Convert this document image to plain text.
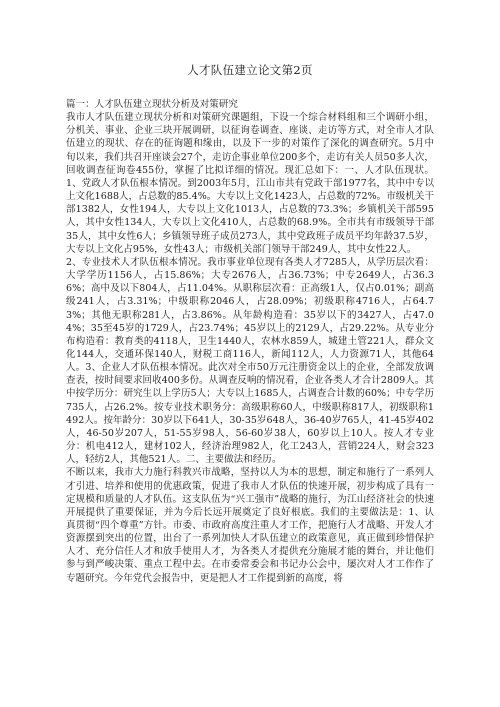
人才队伍建立论文第2页

篇一：人才队伍建立现状分析及对策研究

我市人才队伍建立现状分析和对策研究课题组，下设一个综合材料组和三个调研小组，分机关、事业、企业三块开展调研，以征询卷调查、座谈、走访等方式，对全市人才队伍建立的现状、存在的征询题和缘由，以及下一步的对策作了深化的调查研究。5月中旬以来，我们共召开座谈会27个，走访企事业单位200多个，走访有关人员50多人次，回收调查征询卷455份，掌握了比拟详细的情况。现汇总如下：一、人才队伍现状。1、党政人才队伍根本情况。到2003年5月，江山市共有党政干部1977名，其中中专以上文化1688人，占总数的85.4%。大专以上文化1423人，占总数的72%。市级机关干部1382人，女性194人，大专以上文化1013人，占总数的73.3%；乡镇机关干部595人，其中女性134人，大专以上文化410人，占总数的68.9%。全市共有市级领导干部35人，其中女性6人；乡镇领导班子成员273人，其中党政班子成员平均年龄37.5岁，大专以上文化占95%，女性43人；市级机关部门领导干部249人，其中女性22人。

2、专业技术人才队伍根本情况。我市事业单位现有各类人才7285人，从学历层次看：大学学历1156人，占15.86%；大专2676人，占36.73%；中专2649人，占36.36%；高中及以下804人，占11.04%。从职称层次看：正高级1人，仅占0.01%；副高级241人，占3.31%；中级职称2046人，占28.09%；初级职称4716人，占64.73%；其他无职称281人，占3.86%。从年龄构造看：35岁以下的3427人，占47.04%；35至45岁的1729人，占23.74%；45岁以上的2129人，占29.22%。从专业分布构造看：教育类的4118人，卫生1440人，农林水859人，城建土管221人，群众文化144人，交通环保140人，财税工商116人，新闻112人，人力资源71人，其他64人。3、企业人才队伍根本情况。此次对全市50万元注册资金以上的企业，全部发放调查表，按时间要求回收400多份。从调查反响的情况看，企业各类人才合计2809人。其中按学历分：研究生以上学历5人；大专以上1685人，占调查合计数的60%；中专学历735人，占26.2%。按专业技术职务分：高级职称60人，中级职称817人，初级职称1492人。按年龄分：30岁以下641人，30-35岁648人，36-40岁765人，41-45岁402人，46-50岁207人，51-55岁98人，56-60岁38人，60岁以上10人。按人才专业分：机电412人，建材102人，经济治理982人，化工243人，营销224人，财会323人，轻纺2人，其他521人。二、主要做法和经历。

不断以来，我市大力施行科教兴市战略，坚持以人为本的思想，制定和施行了一系列人才引进、培养和使用的优惠政策，促进了我市人才队伍的快速开展，初步构成了具有一定规模和质量的人才队伍。这支队伍为“兴工强市”战略的施行，为江山经济社会的快速开展提供了重要保证，并为今后长远开展奠定了良好根底。我们的主要做法是：1、认真贯彻“四个尊重”方针。市委、市政府高度注重人才工作，把施行人才战略、开发人才资源摆到突出的位置，出台了一系列加快人才队伍建立的政策意见，真正做到珍惜保护人才、充分信任人才和放手使用人才，为各类人才提供充分施展才能的舞台，并让他们参与到严峻决策、重点工程中去。在市委常委会和书记办公会中，屡次对人才工作作了专题研究。今年党代会报告中，更是把人才工作提到新的高度，将
